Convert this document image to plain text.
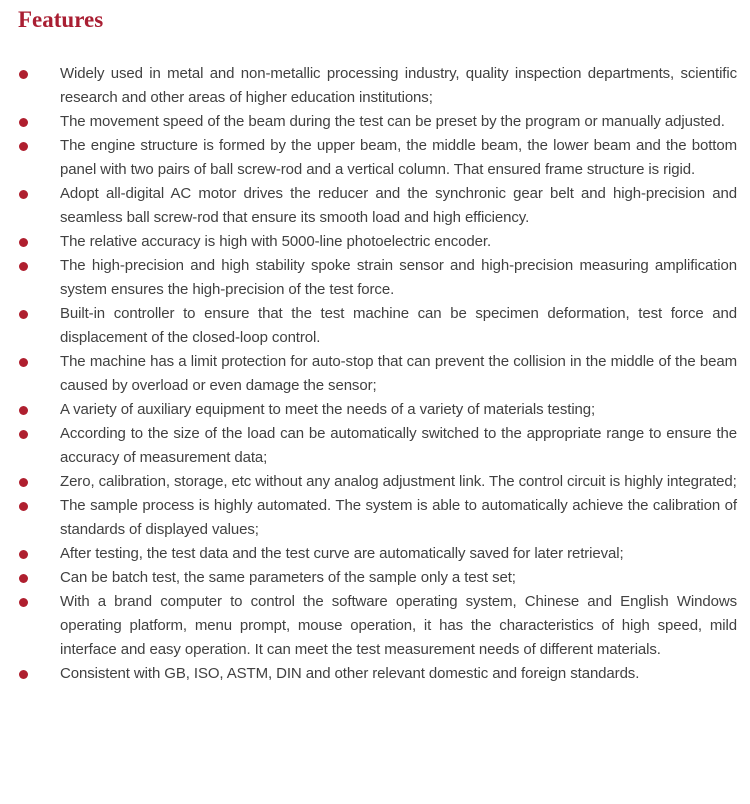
Features

Widely used in metal and non-metallic processing industry, quality inspection departments, scientific research and other areas of higher education institutions;

The movement speed of the beam during the test can be preset by the program or manually adjusted.

The engine structure is formed by the upper beam, the middle beam, the lower beam and the bottom panel with two pairs of ball screw-rod and a vertical column. That ensured frame structure is rigid.

Adopt all-digital AC motor drives the reducer and the synchronic gear belt and high-precision and seamless ball screw-rod that ensure its smooth load and high efficiency.

The relative accuracy is high with 5000-line photoelectric encoder.

The high-precision and high stability spoke strain sensor and high-precision measuring amplification system ensures the high-precision of the test force.

Built-in controller to ensure that the test machine can be specimen deformation, test force and displacement of the closed-loop control.

The machine has a limit protection for auto-stop that can prevent the collision in the middle of the beam caused by overload or even damage the sensor;

A variety of auxiliary equipment to meet the needs of a variety of materials testing;

According to the size of the load can be automatically switched to the appropriate range to ensure the accuracy of measurement data;

Zero, calibration, storage, etc without any analog adjustment link. The control circuit is highly integrated;

The sample process is highly automated. The system is able to automatically achieve the calibration of standards of displayed values;

After testing, the test data and the test curve are automatically saved for later retrieval;

Can be batch test, the same parameters of the sample only a test set;

With a brand computer to control the software operating system, Chinese and English Windows operating platform, menu prompt, mouse operation, it has the characteristics of high speed, mild interface and easy operation. It can meet the test measurement needs of different materials.

Consistent with GB, ISO, ASTM, DIN and other relevant domestic and foreign standards.
